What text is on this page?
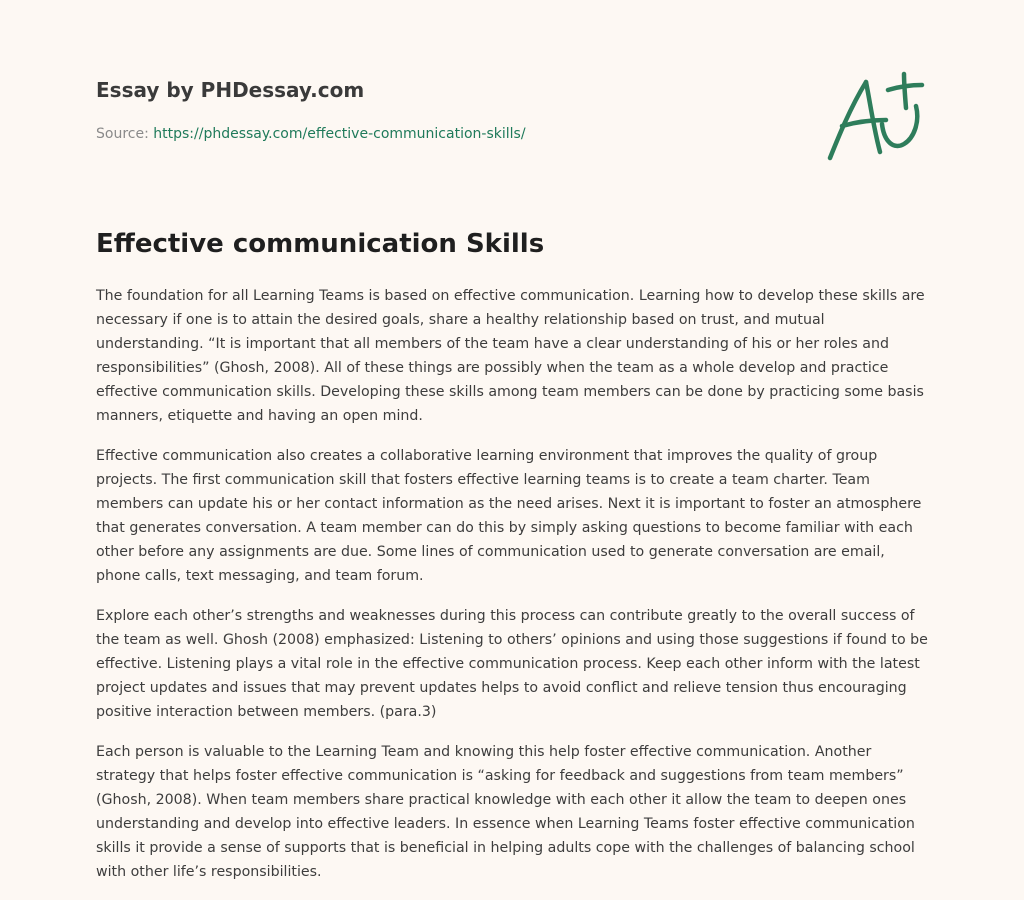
Essay by PHDessay.com
Source: https://phdessay.com/effective-communication-skills/
Effective communication Skills

The foundation for all Learning Teams is based on effective communication. Learning how to develop these skills are necessary if one is to attain the desired goals, share a healthy relationship based on trust, and mutual understanding. “It is important that all members of the team have a clear understanding of his or her roles and responsibilities” (Ghosh, 2008). All of these things are possibly when the team as a whole develop and practice effective communication skills. Developing these skills among team members can be done by practicing some basis manners, etiquette and having an open mind.

Effective communication also creates a collaborative learning environment that improves the quality of group projects. The first communication skill that fosters effective learning teams is to create a team charter. Team members can update his or her contact information as the need arises. Next it is important to foster an atmosphere that generates conversation. A team member can do this by simply asking questions to become familiar with each other before any assignments are due. Some lines of communication used to generate conversation are email, phone calls, text messaging, and team forum.

Explore each other’s strengths and weaknesses during this process can contribute greatly to the overall success of the team as well. Ghosh (2008) emphasized: Listening to others’ opinions and using those suggestions if found to be effective. Listening plays a vital role in the effective communication process. Keep each other inform with the latest project updates and issues that may prevent updates helps to avoid conflict and relieve tension thus encouraging positive interaction between members. (para.3)

Each person is valuable to the Learning Team and knowing this help foster effective communication. Another strategy that helps foster effective communication is “asking for feedback and suggestions from team members” (Ghosh, 2008). When team members share practical knowledge with each other it allow the team to deepen ones understanding and develop into effective leaders. In essence when Learning Teams foster effective communication skills it provide a sense of supports that is beneficial in helping adults cope with the challenges of balancing school with other life’s responsibilities.
